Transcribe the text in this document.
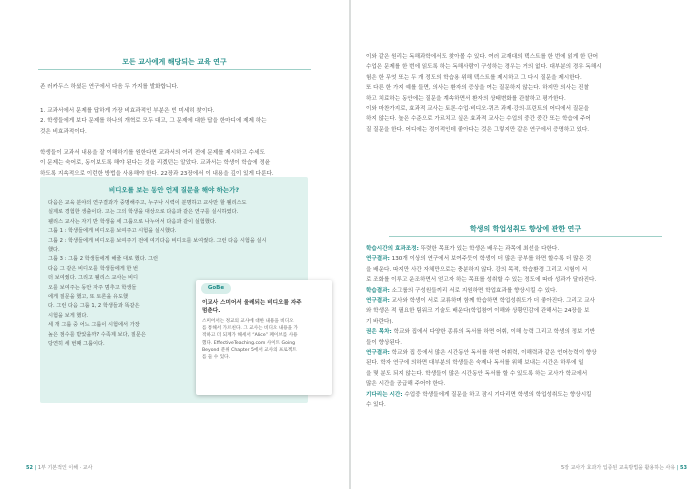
모든 교사에게 해당되는 교육 연구
존 러카두스 하셨든 연구에서 다음 두 가지를 발화합니다.
1. 교과서에서 문제를 답하게 가장 비효과적인 부분은 빈 미세히 찾이다.
2. 학생들에게 보다 문제를 하나의 개혁로 모두 대고, 그 문제에 대한 답을 한마디에 제제 하는
것은 비효과적이다.
학생들이 교과서 내용을 잘 이해하기를 원한다면 교과서의 여리 전에 문제를 제시하고 수세도
이 문제는 숙어로, 동이보도록 해야 된다는 것을 리겠던는 알았다. 교과서는 학생이 학습에 정윤
하도록 지속적으로 이런한 방법을 사용해야 한다. 22장과 23장에서 이 내용을 깊이 있게 다룬다.
비디오를 보는 동안 언제 질문을 해야 하는가?
다음은 교육 분야의 연구결과가 중명해주고, 누구나 시력이 분명하고 교사만 할 웰리스도
실제로 경험한 생출이다. 고는 그의 학생을 대상으로 다음과 같은 연구를 실시하였다.
웰리스 교사는 자기 반 학생을 세 그룹으로 나누어서 다음과 같이 실험했다.
그룹 1 : 학생들에게 비디오를 보여주고 시험을 실시했다.
그룹 2 : 학생들에게 비디오를 보여주기 전에 여기다음 비디오를 보여줬다. 그런 다음 시험을 실시
했다.
그룹 3 : 그룹 2 학생들에게 해줄 대로 했다. 그런
다음 그 같은 비디오를 학생들에게 한 번
더 보여줬다. 그리고 웰리스 교사는 비디
오를 보여주는 동안 자주 멈추고 학생들
에게 질문을 했고, 또 토론을 유도했
다. 그런 다음 그룹 1, 2 학생들과 똑같은
시험을 보게 했다.
세 개 그룹 중 어느 그룹이 시험에서 가장
높은 점수를 받았을까? 수족제 보다, 질문은
당연히 세 번째 그룹이다.
GoBe
이교사 스미어서 울레되는 비디오를 자주
멈춘다.
스미어서는 정교의 교사에 대한 내용을 비디오
를 통해서 가르친다. 그 교사는 비디오 내용을 가
적하고 더 되계가 해세서 “Alice” 페이브를 사용
했다. EffectiveTeaching.com 사이트 Going
Beyond 분위 Chapter 5에서 교사의 프로젝트
를 들 수 있다.
52 | 1부 기본적인 이해 · 교사
이와 같은 원리는 독해과학에서도 찾아볼 수 있다. 여러 교재대의 텍스트를 한 번에 읽게 한 단어
수업은 문제를 한 번에 읽도록 하는 독해사람이 구성하는 경우는 거의 없다. 대부분의 경우 독해시
험은 한 무엇 또는 두 개 정도의 학습용 위해 텍스트를 제시하고 그 다시 질문을 제시한다.
또 다른 한 가지 예를 들면, 의사는 환자의 증상을 여는 질문하지 않는다. 하지만 의사는 진찰
하고 치료하는 동안에는 질문을 계속하면서 환자의 상태변화를 관찰하고 평가한다.
이와 마찬가지로, 효과적 교사는 토론·수업·비디오·퀴즈 과제·강의·프린트의 어디에서 질문을
하지 않는다. 높은 수준으로 가르치고 싶은 효과적 교사는 수업의 중간 중간 또는 학습에 주어
질 질문을 한다. 어디에는 경이적인데 좋아다는 것은 그렇지만 같은 연구에서 증명하고 있다.
학생의 학업성취도 향상에 관한 연구
5장 교사가 효과가 입증된 교육방법을 활용하는 사유 | 53
학습시간의 효과조정: 뚜렷한 목표가 있는 학생은 배우는 과목에 최선을 다한다.
연구결과: 130개 이상의 연구에서 보여주듯이 학생이 더 많은 공부를 하면 할수록 더 많은 것
을 배운다. 따지만 사간 자체만으로는 충분하지 않다. 강의 목적, 학습환경 그리고 시험이 서
로 조화를 이루고 운조하면서 얻고자 하는 목표를 성취할 수 있는 정도에 따라 성과가 달라진다.
학습결과: 소그룹의 구성원들끼리 서로 지원하면 학업효과를 향상시킬 수 있다.
연구결과: 교사와 학생이 서로 교류하며 함께 학습하면 학업성취도가 더 좋아진다. 그리고 교사
와 학생은 적 필요한 팀워크 기술도 배운다(학업참여 이해와 상황민감에 관해서는 24장을 보
기 바란다).
권은 목차: 학교와 집에서 다양한 종류의 독서를 하면 어휘, 이해 능력 그리고 학생의 정보 기반
들이 향상된다.
연구결과: 학교와 집 등에서 많은 시간동안 독서를 하면 어휘력, 이해력과 같은 언어능력이 향상
된다. 학자 연구에 의하면 대부분의 학생들은 숙제나 독서를 위해 보내는 시간은 하루에 일
을 몇 분도 되지 않는다. 학생들이 많은 시간동안 독서를 할 수 있도록 하는 교사가 학교에서
많은 시간을 공급해 주어야 한다.
기다리는 시간: 수업중 학생들에게 질문을 하고 잠시 기다리면 학생의 학업성취도는 향상시킬
수 있다.
